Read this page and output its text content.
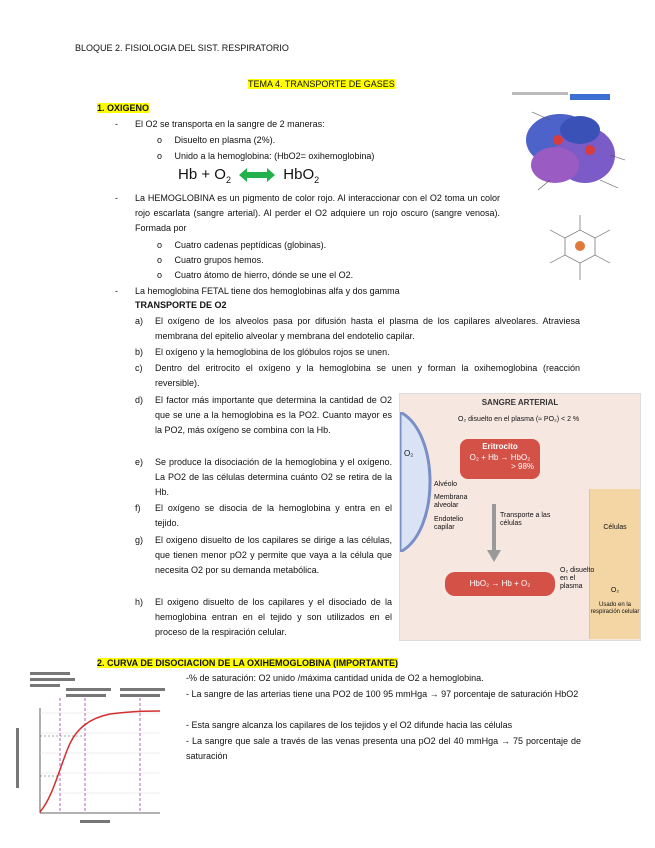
BLOQUE 2. FISIOLOGIA DEL SIST. RESPIRATORIO
TEMA 4. TRANSPORTE DE GASES
1. OXIGENO
- El O2 se transporta en la sangre de 2 maneras:
o Disuelto en plasma (2%).
o Unido a la hemoglobina: (HbO2= oxihemoglobina)
$Hb + O_2$	HbO$_2$
- La HEMOGLOBINA es un pigmento de color rojo. Al interaccionar con el O2 toma un color rojo escarlata (sangre arterial). Al perder el O2 adquiere un rojo oscuro (sangre venosa). Formada por
o Cuatro cadenas peptídicas (globinas).
o Cuatro grupos hemos.
o Cuatro átomo de hierro, dónde se une el O2.
- La hemoglobina FETAL tiene dos hemoglobinas alfa y dos gamma
TRANSPORTE DE O2
a) El oxígeno de los alveolos pasa por difusión hasta el plasma de los capilares alveolares. Atraviesa membrana del epitelio alveolar y membrana del endotelio capilar.
b) El oxígeno y la hemoglobina de los glóbulos rojos se unen.
c) Dentro del eritrocito el oxígeno y la hemoglobina se unen y forman la oxihemoglobina (reacción reversible).
d) El factor más importante que determina la cantidad de O2 que se une a la hemoglobina es la PO2. Cuanto mayor es la PO2, más oxígeno se combina con la Hb.
e) Se produce la disociación de la hemoglobina y el oxígeno. La PO2 de las células determina cuánto O2 se retira de la Hb.
f) El oxígeno se disocia de la hemoglobina y entra en el tejido.
g) El oxigeno disuelto de los capilares se dirige a las células, que tienen menor pO2 y permite que vaya a la célula que necesita O2 por su demanda metabólica.
h) El oxigeno disuelto de los capilares y el disociado de la hemoglobina entran en el tejido y son utilizados en el proceso de la respiración celular.
SANGRE ARTERIAL
O₂
O₂ disuelto en el plasma (≈ PO₂) < 2 %
Eritrocito
O₂ + Hb → HbO₂
> 98%
Alvéolo
Membrana alveolar
Endotelio capilar
Transporte a las células
Células
O₂
Usado en la respiración celular
HbO₂ → Hb + O₂
O₂ disuelto en el plasma
2. CURVA DE DISOCIACION DE LA OXIHEMOGLOBINA (IMPORTANTE)
-% de saturación: O2 unido /máxima cantidad unida de O2 a hemoglobina.
- La sangre de las arterias tiene una PO2 de 100 95 mmHga → 97 porcentaje de saturación HbO2
- Esta sangre alcanza los capilares de los tejidos y el O2 difunde hacia las células
- La sangre que sale a través de las venas presenta una pO2 del 40 mmHga → 75 porcentaje de saturación
